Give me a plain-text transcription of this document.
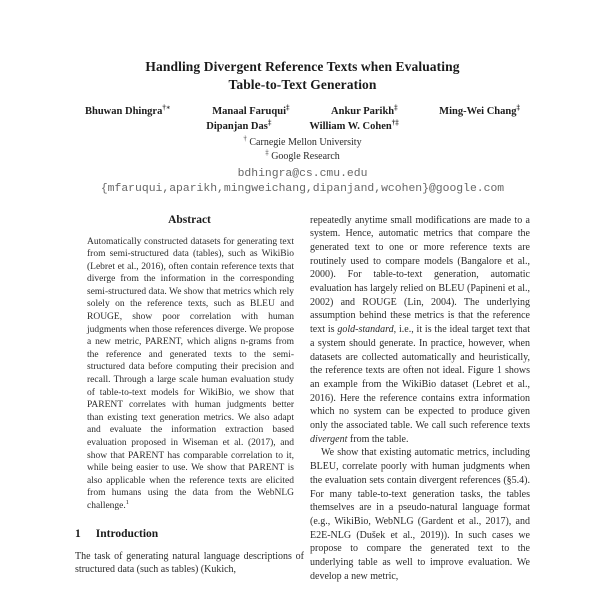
Handling Divergent Reference Texts when Evaluating
Table-to-Text Generation
Bhuwan Dhingra†∗	Manaal Faruqui‡	Ankur Parikh‡	Ming-Wei Chang‡
Dipanjan Das‡	William W. Cohen†‡
† Carnegie Mellon University
‡ Google Research
bdhingra@cs.cmu.edu
{mfaruqui,aparikh,mingweichang,dipanjand,wcohen}@google.com
Abstract

Automatically constructed datasets for generating text from semi-structured data (tables), such as WikiBio (Lebret et al., 2016), often contain reference texts that diverge from the information in the corresponding semi-structured data. We show that metrics which rely solely on the reference texts, such as BLEU and ROUGE, show poor correlation with human judgments when those references diverge. We propose a new metric, PARENT, which aligns n-grams from the reference and generated texts to the semi-structured data before computing their precision and recall. Through a large scale human evaluation study of table-to-text models for WikiBio, we show that PARENT correlates with human judgments better than existing text generation metrics. We also adapt and evaluate the information extraction based evaluation proposed in Wiseman et al. (2017), and show that PARENT has comparable correlation to it, while being easier to use. We show that PARENT is also applicable when the reference texts are elicited from humans using the data from the WebNLG challenge.$^1$

1 Introduction

The task of generating natural language descriptions of structured data (such as tables) (Kukich,

repeatedly anytime small modifications are made to a system. Hence, automatic metrics that compare the generated text to one or more reference texts are routinely used to compare models (Bangalore et al., 2000). For table-to-text generation, automatic evaluation has largely relied on BLEU (Papineni et al., 2002) and ROUGE (Lin, 2004). The underlying assumption behind these metrics is that the reference text is gold-standard, i.e., it is the ideal target text that a system should generate. In practice, however, when datasets are collected automatically and heuristically, the reference texts are often not ideal. Figure 1 shows an example from the WikiBio dataset (Lebret et al., 2016). Here the reference contains extra information which no system can be expected to produce given only the associated table. We call such reference texts divergent from the table.

We show that existing automatic metrics, including BLEU, correlate poorly with human judgments when the evaluation sets contain divergent references (§5.4). For many table-to-text generation tasks, the tables themselves are in a pseudo-natural language format (e.g., WikiBio, WebNLG (Gardent et al., 2017), and E2E-NLG (Dušek et al., 2019)). In such cases we propose to compare the generated text to the underlying table as well to improve evaluation. We develop a new metric,
